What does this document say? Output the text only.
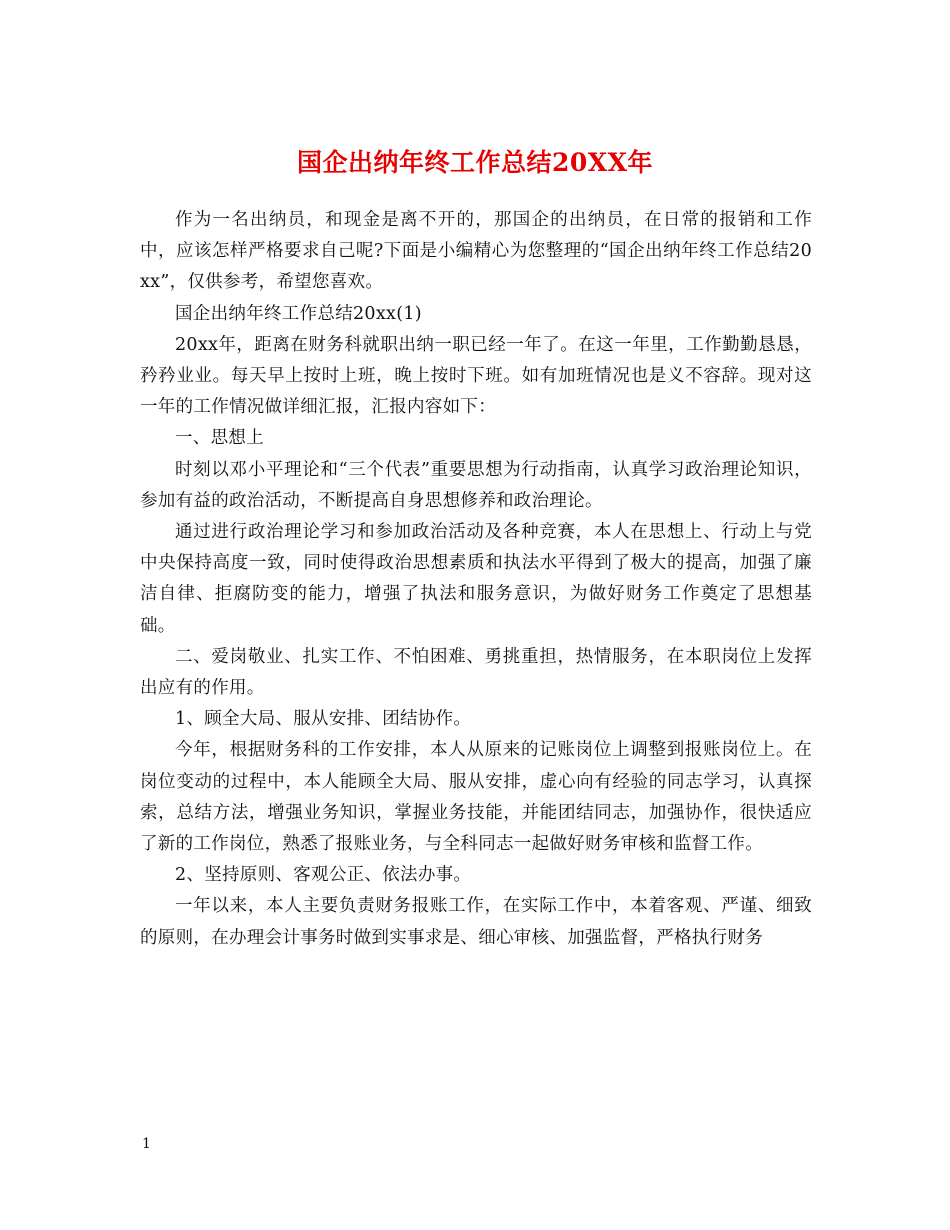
国企出纳年终工作总结20XX年

作为一名出纳员，和现金是离不开的，那国企的出纳员，在日常的报销和工作中，应该怎样严格要求自己呢?下面是小编精心为您整理的“国企出纳年终工作总结20xx”，仅供参考，希望您喜欢。

国企出纳年终工作总结20xx(1)

20xx年，距离在财务科就职出纳一职已经一年了。在这一年里，工作勤勤恳恳，矜矜业业。每天早上按时上班，晚上按时下班。如有加班情况也是义不容辞。现对这一年的工作情况做详细汇报，汇报内容如下：

一、思想上

时刻以邓小平理论和“三个代表”重要思想为行动指南，认真学习政治理论知识，参加有益的政治活动，不断提高自身思想修养和政治理论。

通过进行政治理论学习和参加政治活动及各种竞赛，本人在思想上、行动上与党中央保持高度一致，同时使得政治思想素质和执法水平得到了极大的提高，加强了廉洁自律、拒腐防变的能力，增强了执法和服务意识，为做好财务工作奠定了思想基础。

二、爱岗敬业、扎实工作、不怕困难、勇挑重担，热情服务，在本职岗位上发挥出应有的作用。

1、顾全大局、服从安排、团结协作。

今年，根据财务科的工作安排，本人从原来的记账岗位上调整到报账岗位上。在岗位变动的过程中，本人能顾全大局、服从安排，虚心向有经验的同志学习，认真探索，总结方法，增强业务知识，掌握业务技能，并能团结同志，加强协作，很快适应了新的工作岗位，熟悉了报账业务，与全科同志一起做好财务审核和监督工作。

2、坚持原则、客观公正、依法办事。

一年以来，本人主要负责财务报账工作，在实际工作中，本着客观、严谨、细致的原则，在办理会计事务时做到实事求是、细心审核、加强监督，严格执行财务

1
